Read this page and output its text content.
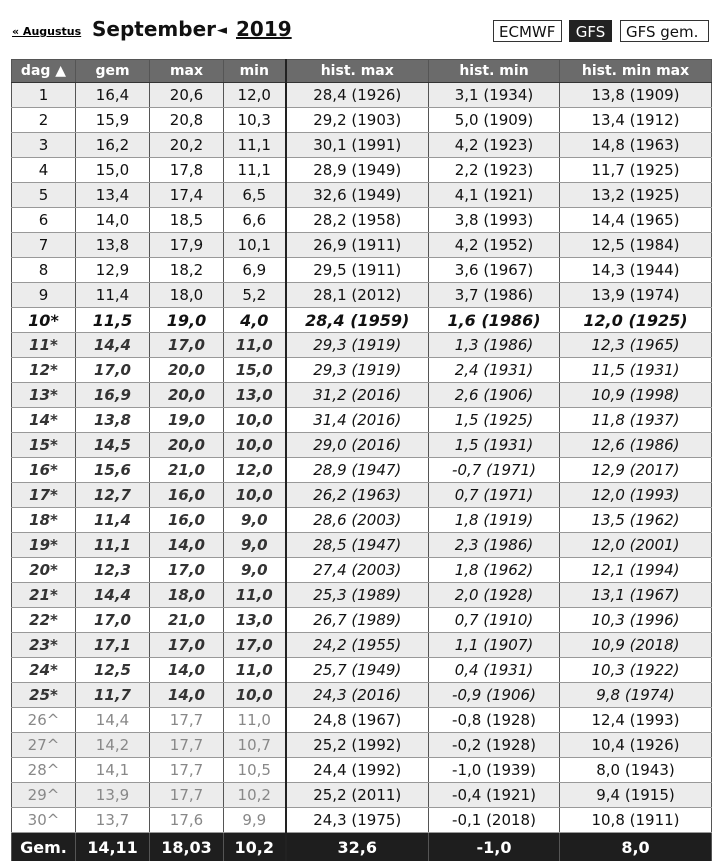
« Augustus September ◄ 2019	ECMWF	GFS	GFS gem.
dag ▲	gem	max	min	hist. max	hist. min	hist. min max
1	16,4	20,6	12,0	28,4 (1926)	3,1 (1934)	13,8 (1909)
2	15,9	20,8	10,3	29,2 (1903)	5,0 (1909)	13,4 (1912)
3	16,2	20,2	11,1	30,1 (1991)	4,2 (1923)	14,8 (1963)
4	15,0	17,8	11,1	28,9 (1949)	2,2 (1923)	11,7 (1925)
5	13,4	17,4	6,5	32,6 (1949)	4,1 (1921)	13,2 (1925)
6	14,0	18,5	6,6	28,2 (1958)	3,8 (1993)	14,4 (1965)
7	13,8	17,9	10,1	26,9 (1911)	4,2 (1952)	12,5 (1984)
8	12,9	18,2	6,9	29,5 (1911)	3,6 (1967)	14,3 (1944)
9	11,4	18,0	5,2	28,1 (2012)	3,7 (1986)	13,9 (1974)
10*	11,5	19,0	4,0	28,4 (1959)	1,6 (1986)	12,0 (1925)
11*	14,4	17,0	11,0	29,3 (1919)	1,3 (1986)	12,3 (1965)
12*	17,0	20,0	15,0	29,3 (1919)	2,4 (1931)	11,5 (1931)
13*	16,9	20,0	13,0	31,2 (2016)	2,6 (1906)	10,9 (1998)
14*	13,8	19,0	10,0	31,4 (2016)	1,5 (1925)	11,8 (1937)
15*	14,5	20,0	10,0	29,0 (2016)	1,5 (1931)	12,6 (1986)
16*	15,6	21,0	12,0	28,9 (1947)	-0,7 (1971)	12,9 (2017)
17*	12,7	16,0	10,0	26,2 (1963)	0,7 (1971)	12,0 (1993)
18*	11,4	16,0	9,0	28,6 (2003)	1,8 (1919)	13,5 (1962)
19*	11,1	14,0	9,0	28,5 (1947)	2,3 (1986)	12,0 (2001)
20*	12,3	17,0	9,0	27,4 (2003)	1,8 (1962)	12,1 (1994)
21*	14,4	18,0	11,0	25,3 (1989)	2,0 (1928)	13,1 (1967)
22*	17,0	21,0	13,0	26,7 (1989)	0,7 (1910)	10,3 (1996)
23*	17,1	17,0	17,0	24,2 (1955)	1,1 (1907)	10,9 (2018)
24*	12,5	14,0	11,0	25,7 (1949)	0,4 (1931)	10,3 (1922)
25*	11,7	14,0	10,0	24,3 (2016)	-0,9 (1906)	9,8 (1974)
26^	14,4	17,7	11,0	24,8 (1967)	-0,8 (1928)	12,4 (1993)
27^	14,2	17,7	10,7	25,2 (1992)	-0,2 (1928)	10,4 (1926)
28^	14,1	17,7	10,5	24,4 (1992)	-1,0 (1939)	8,0 (1943)
29^	13,9	17,7	10,2	25,2 (2011)	-0,4 (1921)	9,4 (1915)
30^	13,7	17,6	9,9	24,3 (1975)	-0,1 (2018)	10,8 (1911)
Gem.	14,11	18,03	10,2	32,6	-1,0	8,0
